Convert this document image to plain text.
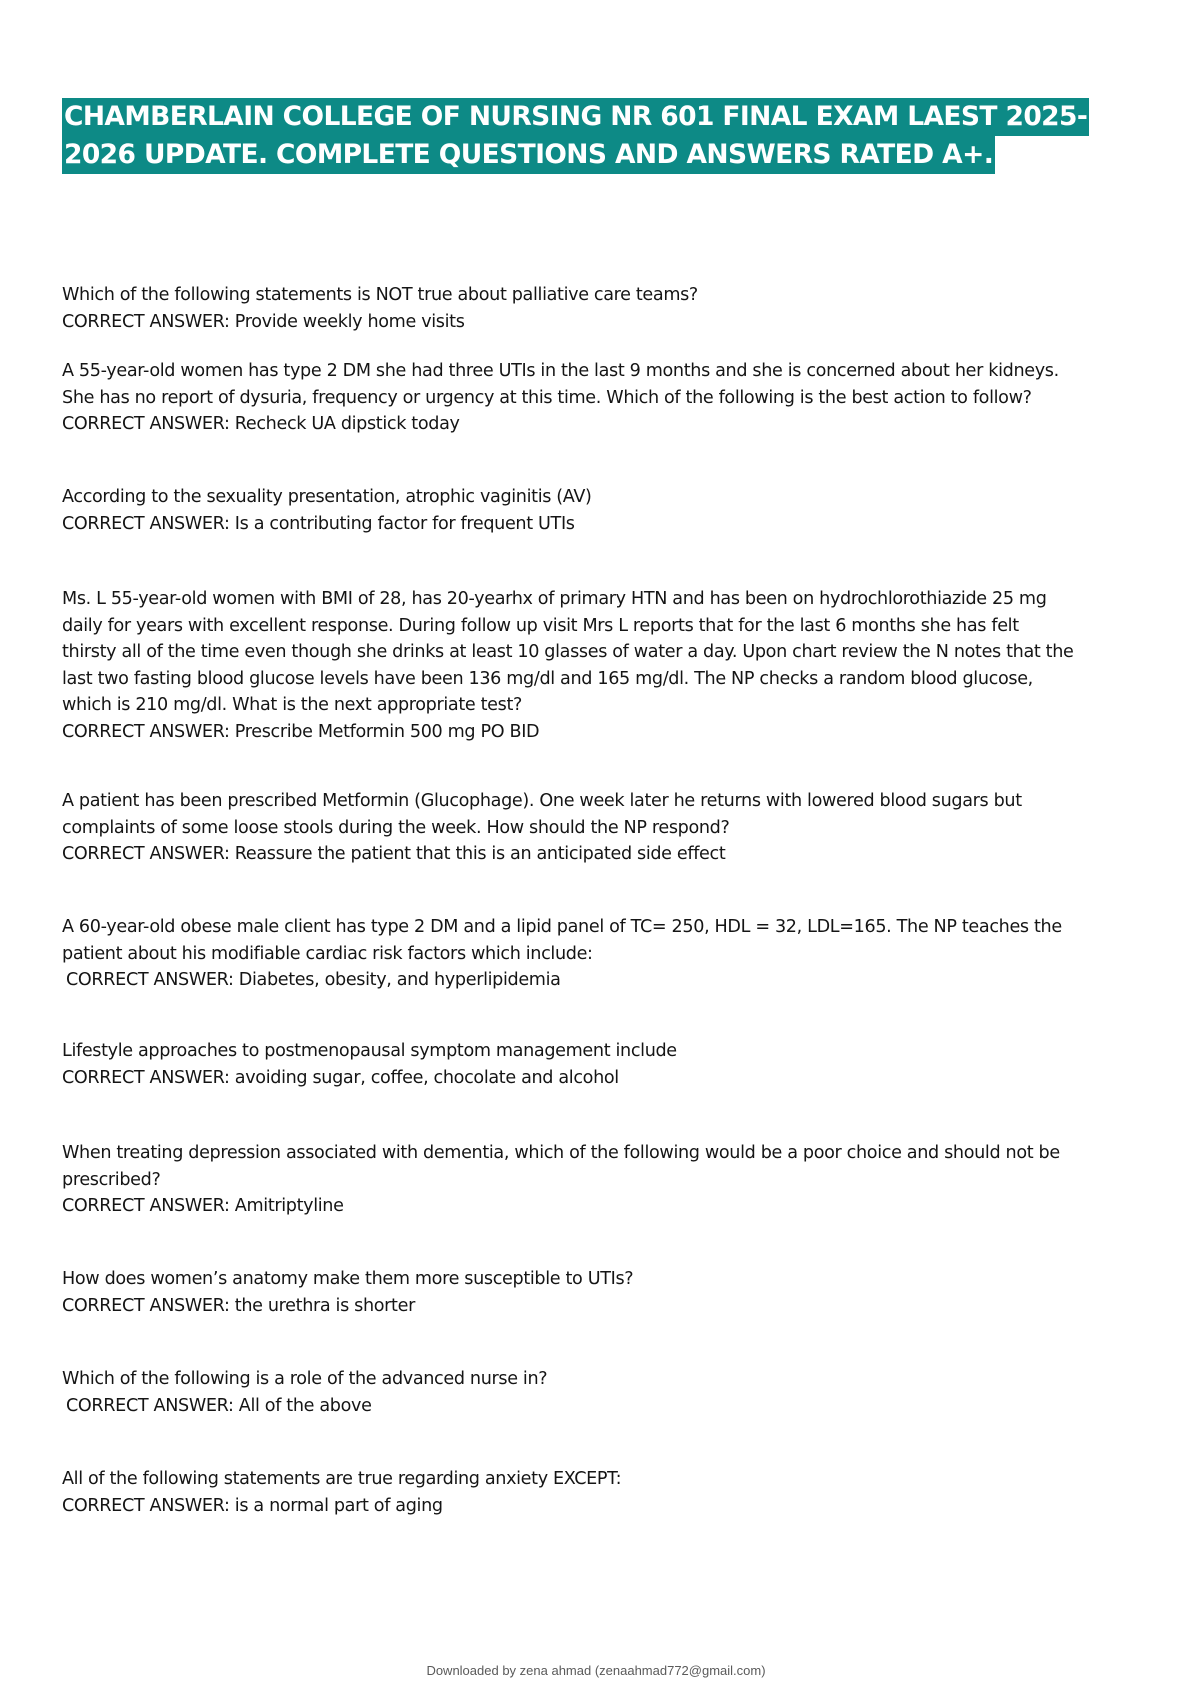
CHAMBERLAIN COLLEGE OF NURSING NR 601 FINAL EXAM LAEST 2025-
2026 UPDATE. COMPLETE QUESTIONS AND ANSWERS RATED A+.

Which of the following statements is NOT true about palliative care teams?

CORRECT ANSWER: Provide weekly home visits

A 55-year-old women has type 2 DM she had three UTIs in the last 9 months and she is concerned about her kidneys.

She has no report of dysuria, frequency or urgency at this time. Which of the following is the best action to follow?

CORRECT ANSWER: Recheck UA dipstick today

According to the sexuality presentation, atrophic vaginitis (AV)

CORRECT ANSWER: Is a contributing factor for frequent UTIs

Ms. L 55-year-old women with BMI of 28, has 20-yearhx of primary HTN and has been on hydrochlorothiazide 25 mg

daily for years with excellent response. During follow up visit Mrs L reports that for the last 6 months she has felt

thirsty all of the time even though she drinks at least 10 glasses of water a day. Upon chart review the N notes that the

last two fasting blood glucose levels have been 136 mg/dl and 165 mg/dl. The NP checks a random blood glucose,

which is 210 mg/dl. What is the next appropriate test?

CORRECT ANSWER: Prescribe Metformin 500 mg PO BID

A patient has been prescribed Metformin (Glucophage). One week later he returns with lowered blood sugars but

complaints of some loose stools during the week. How should the NP respond?

CORRECT ANSWER: Reassure the patient that this is an anticipated side effect

A 60-year-old obese male client has type 2 DM and a lipid panel of TC= 250, HDL = 32, LDL=165. The NP teaches the

patient about his modifiable cardiac risk factors which include:

CORRECT ANSWER: Diabetes, obesity, and hyperlipidemia

Lifestyle approaches to postmenopausal symptom management include

CORRECT ANSWER: avoiding sugar, coffee, chocolate and alcohol

When treating depression associated with dementia, which of the following would be a poor choice and should not be

prescribed?

CORRECT ANSWER: Amitriptyline

How does women’s anatomy make them more susceptible to UTIs?

CORRECT ANSWER: the urethra is shorter

Which of the following is a role of the advanced nurse in?

CORRECT ANSWER: All of the above

All of the following statements are true regarding anxiety EXCEPT:

CORRECT ANSWER: is a normal part of aging

Downloaded by zena ahmad (zenaahmad772@gmail.com)
